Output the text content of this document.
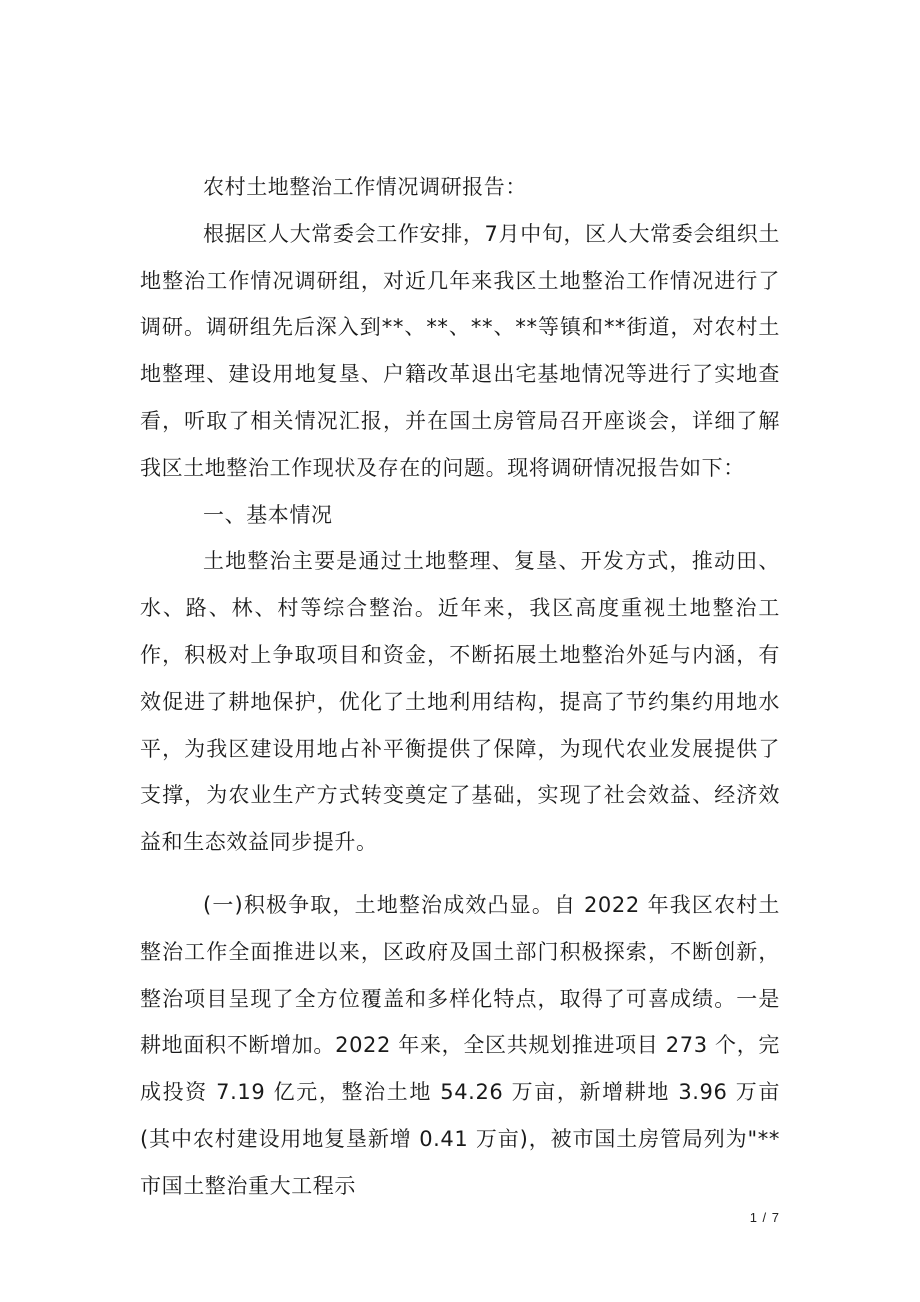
农村土地整治工作情况调研报告：

根据区人大常委会工作安排，7月中旬，区人大常委会组织土地整治工作情况调研组，对近几年来我区土地整治工作情况进行了调研。调研组先后深入到**、**、**、**等镇和**街道，对农村土地整理、建设用地复垦、户籍改革退出宅基地情况等进行了实地查看，听取了相关情况汇报，并在国土房管局召开座谈会，详细了解我区土地整治工作现状及存在的问题。现将调研情况报告如下：

一、基本情况

土地整治主要是通过土地整理、复垦、开发方式，推动田、水、路、林、村等综合整治。近年来，我区高度重视土地整治工作，积极对上争取项目和资金，不断拓展土地整治外延与内涵，有效促进了耕地保护，优化了土地利用结构，提高了节约集约用地水平，为我区建设用地占补平衡提供了保障，为现代农业发展提供了支撑，为农业生产方式转变奠定了基础，实现了社会效益、经济效益和生态效益同步提升。

(一)积极争取，土地整治成效凸显。自 2022 年我区农村土整治工作全面推进以来，区政府及国土部门积极探索，不断创新，整治项目呈现了全方位覆盖和多样化特点，取得了可喜成绩。一是耕地面积不断增加。2022 年来，全区共规划推进项目 273 个，完成投资 7.19 亿元，整治土地 54.26 万亩，新增耕地 3.96 万亩(其中农村建设用地复垦新增 0.41 万亩)，被市国土房管局列为"**市国土整治重大工程示

1 / 7
